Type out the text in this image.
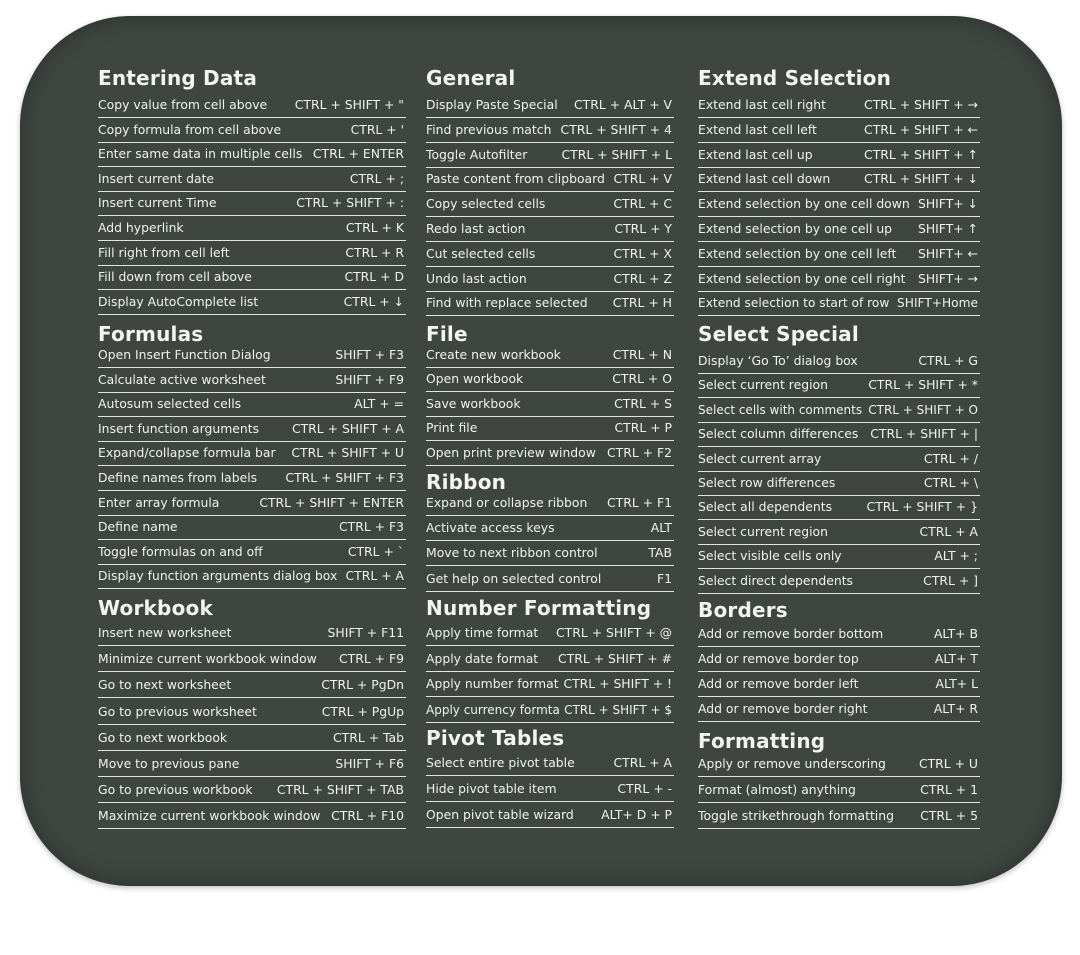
Entering Data
Copy value from cell above CTRL + SHIFT + "
Copy formula from cell above	CTRL + '
Enter same data in multiple cells CTRL + ENTER
Insert current date	CTRL + ;
Insert current Time	CTRL + SHIFT + :
Add hyperlink	CTRL + K
Fill right from cell left	CTRL + R
Fill down from cell above	CTRL + D
Display AutoComplete list	CTRL + ↓
Formulas
Open Insert Function Dialog	SHIFT + F3
Calculate active worksheet	SHIFT + F9
Autosum selected cells	ALT + =
Insert function arguments	CTRL + SHIFT + A
Expand/collapse formula bar CTRL + SHIFT + U
Define names from labels CTRL + SHIFT + F3
Enter array formula	CTRL + SHIFT + ENTER
Define name	CTRL + F3
Toggle formulas on and off	CTRL + `
Display function arguments dialog box CTRL + A
Workbook
Insert new worksheet	SHIFT + F11
Minimize current workbook window CTRL + F9
Go to next worksheet	CTRL + PgDn
Go to previous worksheet	CTRL + PgUp
Go to next workbook	CTRL + Tab
Move to previous pane	SHIFT + F6
Go to previous workbook CTRL + SHIFT + TAB
Maximize current workbook window CTRL + F10
General
Display Paste Special CTRL + ALT + V
Find previous match CTRL + SHIFT + 4
Toggle Autofilter	CTRL + SHIFT + L
Paste content from clipboard CTRL + V
Copy selected cells	CTRL + C
Redo last action	CTRL + Y
Cut selected cells	CTRL + X
Undo last action	CTRL + Z
Find with replace selected CTRL + H
File
Create new workbook	CTRL + N
Open workbook	CTRL + O
Save workbook	CTRL + S
Print file	CTRL + P
Open print preview window CTRL + F2
Ribbon
Expand or collapse ribbon CTRL + F1
Activate access keys	ALT
Move to next ribbon control	TAB
Get help on selected control	F1
Number Formatting
Apply time format CTRL + SHIFT + @
Apply date format CTRL + SHIFT + #
Apply number format CTRL + SHIFT + !
Apply currency formta CTRL + SHIFT + $
Pivot Tables
Select entire pivot table	CTRL + A
Hide pivot table item	CTRL + -
Open pivot table wizard ALT+ D + P
Extend Selection
Extend last cell right	CTRL + SHIFT + →
Extend last cell left	CTRL + SHIFT + ←
Extend last cell up	CTRL + SHIFT + ↑
Extend last cell down	CTRL + SHIFT + ↓
Extend selection by one cell down SHIFT+ ↓
Extend selection by one cell up SHIFT+ ↑
Extend selection by one cell left SHIFT+ ←
Extend selection by one cell right SHIFT+ →
Extend selection to start of row SHIFT+Home
Select Special
Display ‘Go To’ dialog box	CTRL + G
Select current region	CTRL + SHIFT + *
Select cells with comments CTRL + SHIFT + O
Select column differences CTRL + SHIFT + |
Select current array	CTRL + /
Select row differences	CTRL + \
Select all dependents	CTRL + SHIFT + }
Select current region	CTRL + A
Select visible cells only	ALT + ;
Select direct dependents	CTRL + ]
Borders
Add or remove border bottom	ALT+ B
Add or remove border top	ALT+ T
Add or remove border left	ALT+ L
Add or remove border right	ALT+ R
Formatting
Apply or remove underscoring	CTRL + U
Format (almost) anything	CTRL + 1
Toggle strikethrough formatting CTRL + 5
